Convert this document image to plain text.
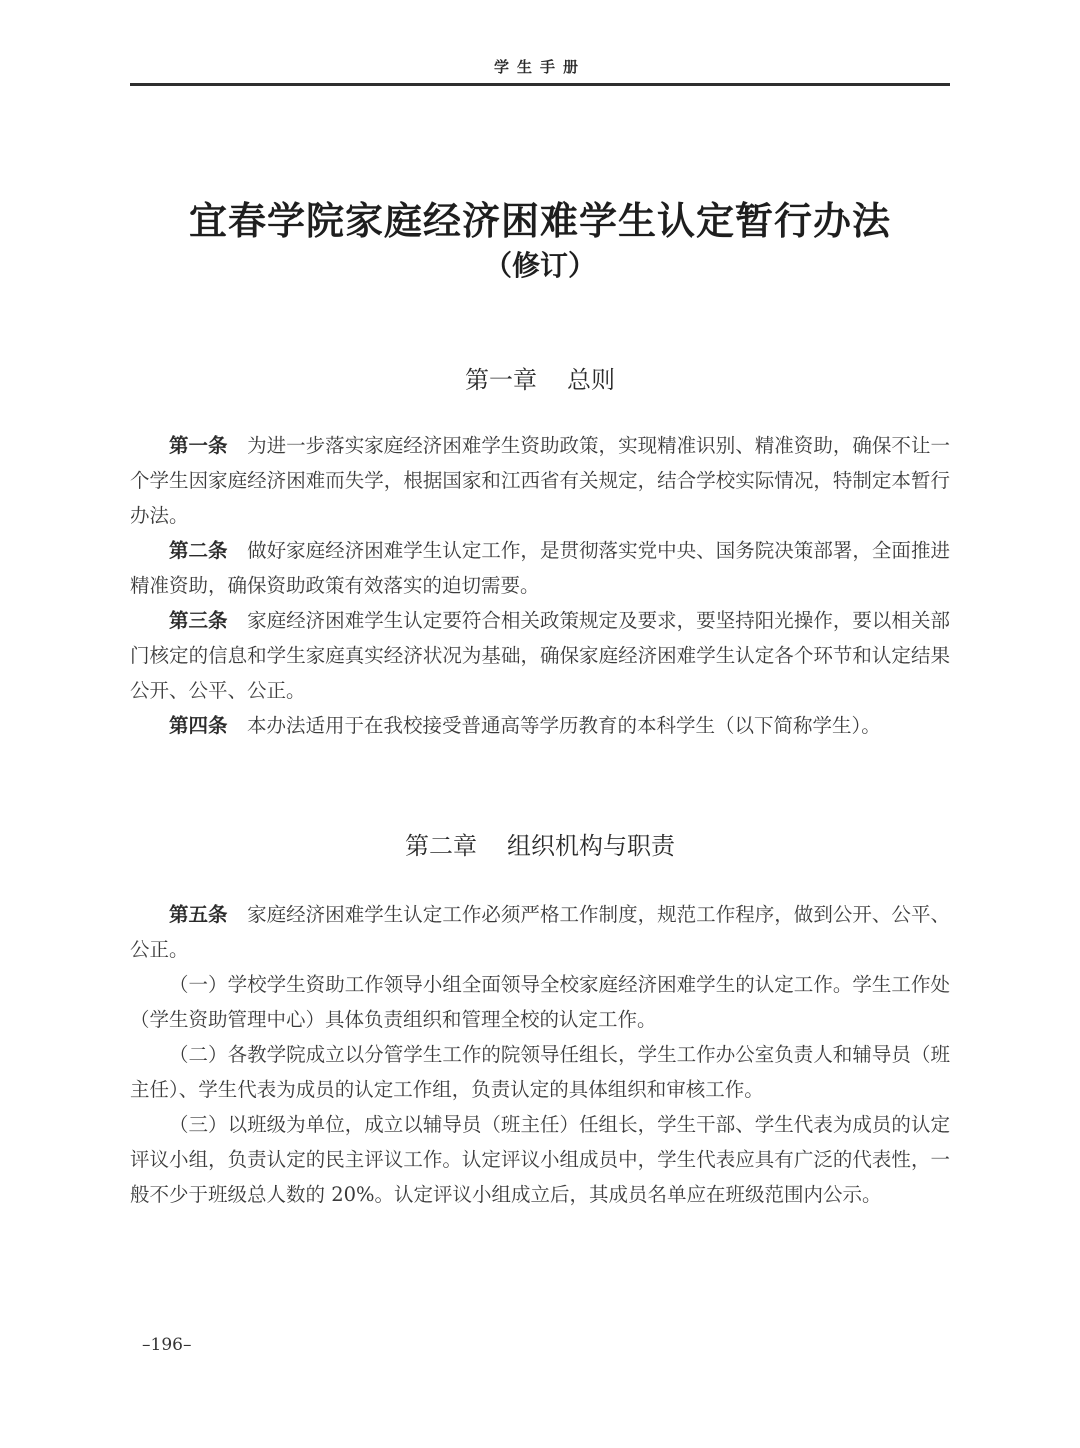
学生手册
宜春学院家庭经济困难学生认定暂行办法
（修订）
第一章 总则

第一条 为进一步落实家庭经济困难学生资助政策，实现精准识别、精准资助，确保不让一个学生因家庭经济困难而失学，根据国家和江西省有关规定，结合学校实际情况，特制定本暂行办法。

第二条 做好家庭经济困难学生认定工作，是贯彻落实党中央、国务院决策部署，全面推进精准资助，确保资助政策有效落实的迫切需要。

第三条 家庭经济困难学生认定要符合相关政策规定及要求，要坚持阳光操作，要以相关部门核定的信息和学生家庭真实经济状况为基础，确保家庭经济困难学生认定各个环节和认定结果公开、公平、公正。

第四条 本办法适用于在我校接受普通高等学历教育的本科学生（以下简称学生）。

第二章 组织机构与职责

第五条 家庭经济困难学生认定工作必须严格工作制度，规范工作程序，做到公开、公平、公正。

（一）学校学生资助工作领导小组全面领导全校家庭经济困难学生的认定工作。学生工作处（学生资助管理中心）具体负责组织和管理全校的认定工作。

（二）各教学院成立以分管学生工作的院领导任组长，学生工作办公室负责人和辅导员（班主任）、学生代表为成员的认定工作组，负责认定的具体组织和审核工作。

（三）以班级为单位，成立以辅导员（班主任）任组长，学生干部、学生代表为成员的认定评议小组，负责认定的民主评议工作。认定评议小组成员中，学生代表应具有广泛的代表性，一般不少于班级总人数的 20%。认定评议小组成立后，其成员名单应在班级范围内公示。

–196–
